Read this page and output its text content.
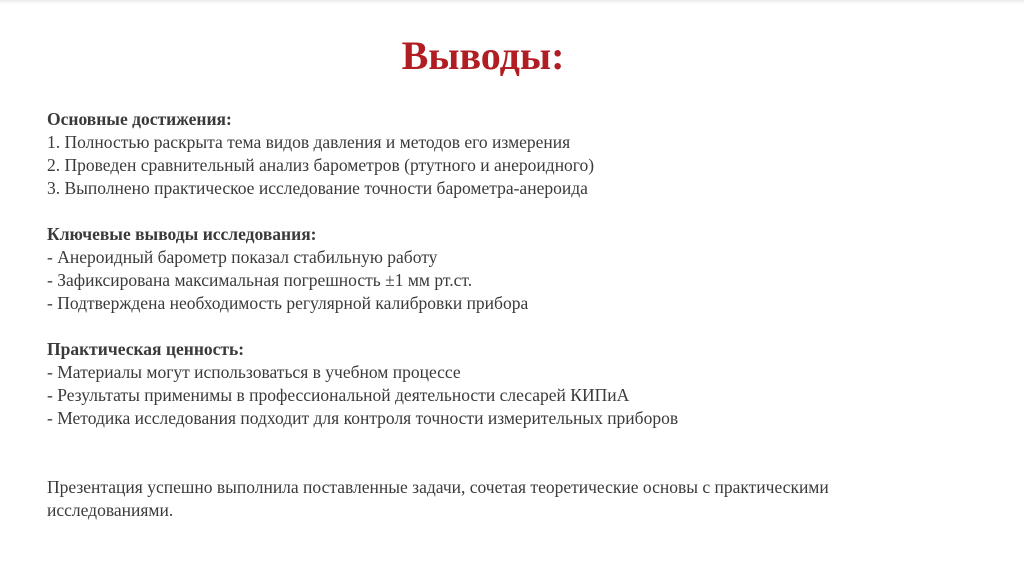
Выводы:
Основные достижения:

1. Полностью раскрыта тема видов давления и методов его измерения

2. Проведен сравнительный анализ барометров (ртутного и анероидного)

3. Выполнено практическое исследование точности барометра-анероида

Ключевые выводы исследования:

- Анероидный барометр показал стабильную работу

- Зафиксирована максимальная погрешность ±1 мм рт.ст.

- Подтверждена необходимость регулярной калибровки прибора

Практическая ценность:

- Материалы могут использоваться в учебном процессе

- Результаты применимы в профессиональной деятельности слесарей КИПиА

- Методика исследования подходит для контроля точности измерительных приборов

Презентация успешно выполнила поставленные задачи, сочетая теоретические основы с практическими исследованиями.
